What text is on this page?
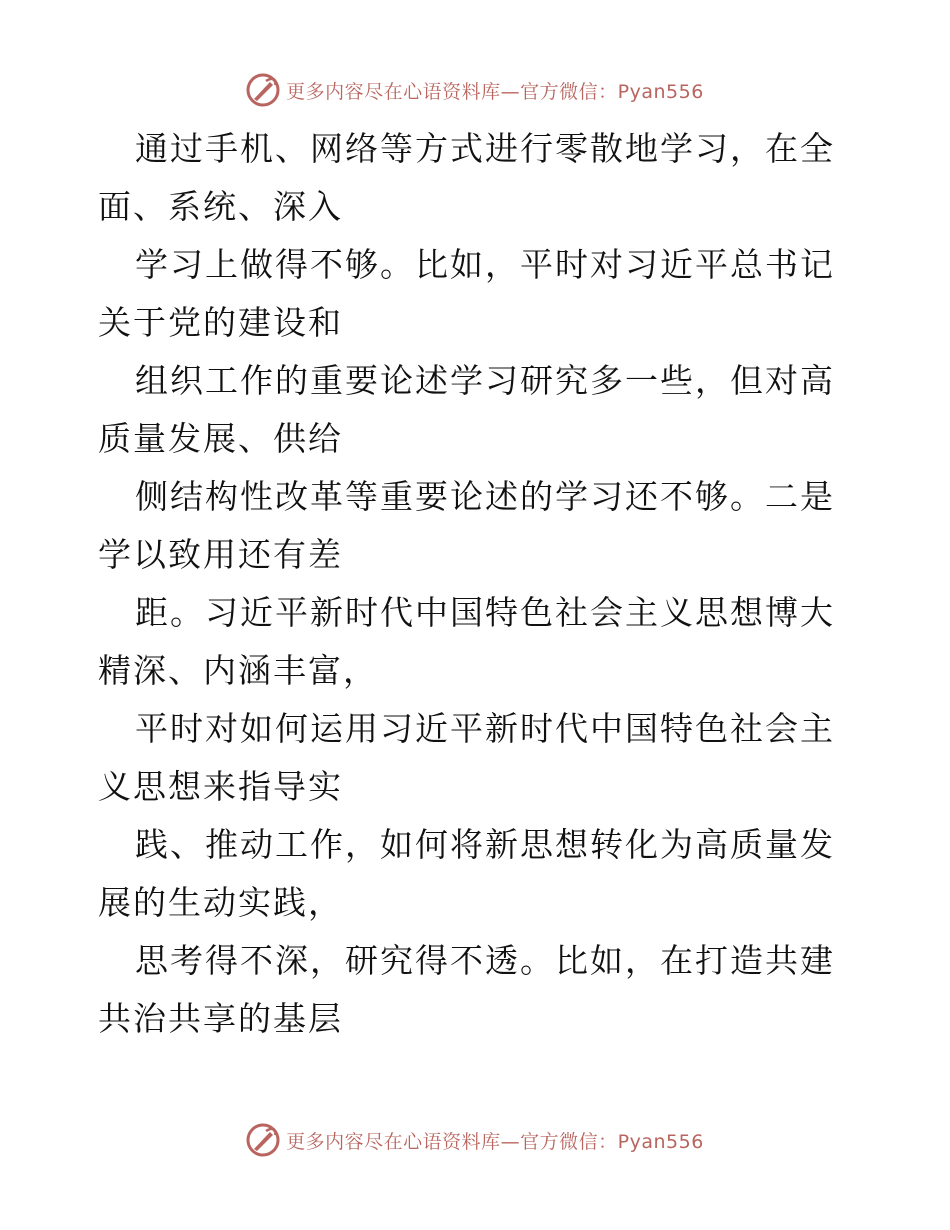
更多内容尽在心语资料库—官方微信：Pyan556

通过手机、网络等方式进行零散地学习，在全面、系统、深入

学习上做得不够。比如，平时对习近平总书记关于党的建设和

组织工作的重要论述学习研究多一些，但对高质量发展、供给

侧结构性改革等重要论述的学习还不够。二是学以致用还有差

距。习近平新时代中国特色社会主义思想博大精深、内涵丰富，

平时对如何运用习近平新时代中国特色社会主义思想来指导实

践、推动工作，如何将新思想转化为高质量发展的生动实践，

思考得不深，研究得不透。比如，在打造共建共治共享的基层

更多内容尽在心语资料库—官方微信：Pyan556
